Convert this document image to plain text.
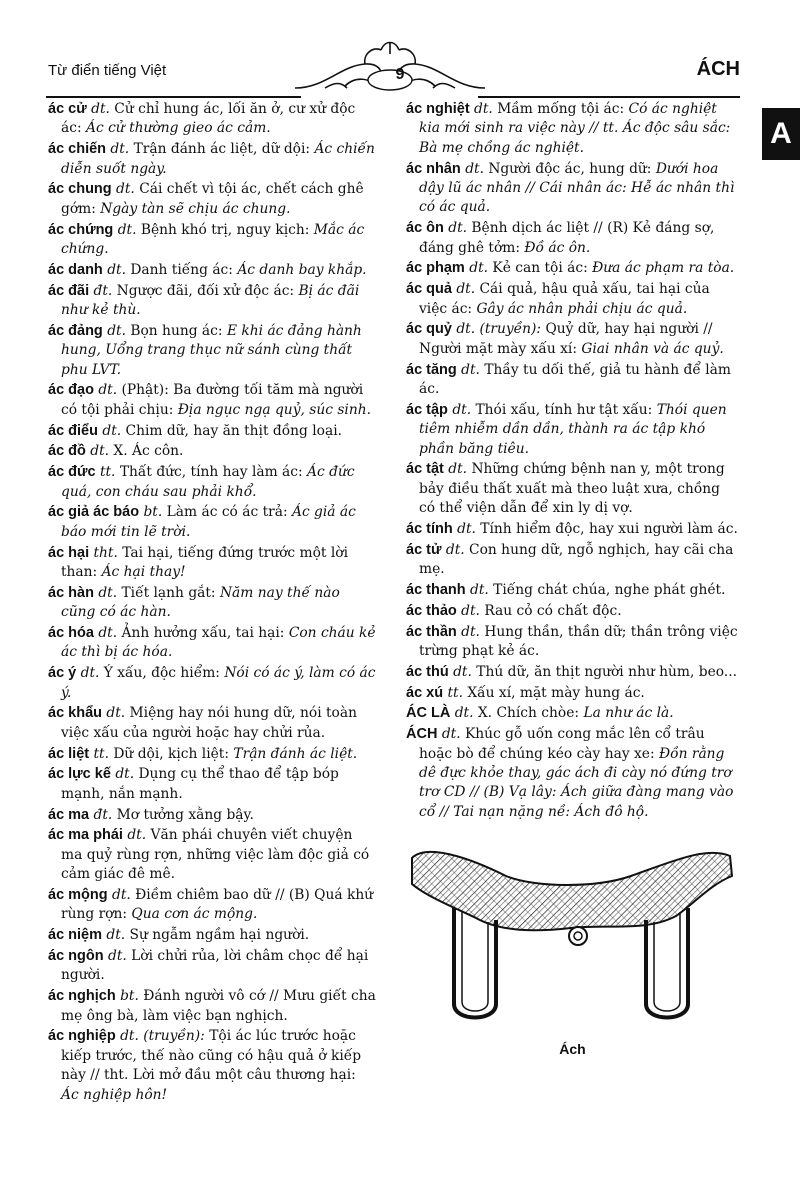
Từ điển tiếng Việt	9	ÁCH
A

ác cử dt. Cử chỉ hung ác, lối ăn ở, cư xử độc ác: Ác cử thường gieo ác cảm.

ác chiến dt. Trận đánh ác liệt, dữ dội: Ác chiến diễn suốt ngày.

ác chung dt. Cái chết vì tội ác, chết cách ghê gớm: Ngày tàn sẽ chịu ác chung.

ác chứng dt. Bệnh khó trị, nguy kịch: Mắc ác chứng.

ác danh dt. Danh tiếng ác: Ác danh bay khắp.

ác đãi đt. Ngược đãi, đối xử độc ác: Bị ác đãi như kẻ thù.

ác đảng dt. Bọn hung ác: E khi ác đảng hành hung, Uổng trang thục nữ sánh cùng thất phu LVT.

ác đạo dt. (Phật): Ba đường tối tăm mà người có tội phải chịu: Địa ngục ngạ quỷ, súc sinh.

ác điểu dt. Chim dữ, hay ăn thịt đồng loại.

ác đồ dt. X. Ác côn.

ác đức tt. Thất đức, tính hay làm ác: Ác đức quá, con cháu sau phải khổ.

ác giả ác báo bt. Làm ác có ác trả: Ác giả ác báo mới tin lẽ trời.

ác hại tht. Tai hại, tiếng đứng trước một lời than: Ác hại thay!

ác hàn dt. Tiết lạnh gắt: Năm nay thế nào cũng có ác hàn.

ác hóa dt. Ảnh hưởng xấu, tai hại: Con cháu kẻ ác thì bị ác hóa.

ác ý dt. Ý xấu, độc hiểm: Nói có ác ý, làm có ác ý.

ác khẩu dt. Miệng hay nói hung dữ, nói toàn việc xấu của người hoặc hay chửi rủa.

ác liệt tt. Dữ dội, kịch liệt: Trận đánh ác liệt.

ác lực kế dt. Dụng cụ thể thao để tập bóp mạnh, nắn mạnh.

ác ma đt. Mơ tưởng xằng bậy.

ác ma phái dt. Văn phái chuyên viết chuyện ma quỷ rùng rợn, những việc làm độc giả có cảm giác đê mê.

ác mộng dt. Điềm chiêm bao dữ // (B) Quá khứ rùng rợn: Qua cơn ác mộng.

ác niệm dt. Sự ngẫm ngầm hại người.

ác ngôn dt. Lời chửi rủa, lời châm chọc để hại người.

ác nghịch bt. Đánh người vô cớ // Mưu giết cha mẹ ông bà, làm việc bạn nghịch.

ác nghiệp dt. (truyền): Tội ác lúc trước hoặc kiếp trước, thế nào cũng có hậu quả ở kiếp này // tht. Lời mở đầu một câu thương hại: Ác nghiệp hôn!

ác nghiệt dt. Mầm mống tội ác: Có ác nghiệt kia mới sinh ra việc này // tt. Ác độc sâu sắc: Bà mẹ chồng ác nghiệt.

ác nhân dt. Người độc ác, hung dữ: Dưới hoa dậy lũ ác nhân // Cái nhân ác: Hễ ác nhân thì có ác quả.

ác ôn dt. Bệnh dịch ác liệt // (R) Kẻ đáng sợ, đáng ghê tởm: Đồ ác ôn.

ác phạm dt. Kẻ can tội ác: Đưa ác phạm ra tòa.

ác quả dt. Cái quả, hậu quả xấu, tai hại của việc ác: Gây ác nhân phải chịu ác quả.

ác quỷ dt. (truyền): Quỷ dữ, hay hại người // Người mặt mày xấu xí: Giai nhân và ác quỷ.

ác tăng dt. Thầy tu dối thế, giả tu hành để làm ác.

ác tập dt. Thói xấu, tính hư tật xấu: Thói quen tiêm nhiễm dần dần, thành ra ác tập khó phần băng tiêu.

ác tật dt. Những chứng bệnh nan y, một trong bảy điều thất xuất mà theo luật xưa, chồng có thể viện dẫn để xin ly dị vợ.

ác tính dt. Tính hiểm độc, hay xui người làm ác.

ác tử dt. Con hung dữ, ngỗ nghịch, hay cãi cha mẹ.

ác thanh dt. Tiếng chát chúa, nghe phát ghét.

ác thảo dt. Rau cỏ có chất độc.

ác thần dt. Hung thần, thần dữ; thần trông việc trừng phạt kẻ ác.

ác thú dt. Thú dữ, ăn thịt người như hùm, beo...

ác xú tt. Xấu xí, mặt mày hung ác.

ÁC LÀ dt. X. Chích chòe: La như ác là.

ÁCH dt. Khúc gỗ uốn cong mắc lên cổ trâu hoặc bò để chúng kéo cày hay xe: Đồn rằng dê đực khỏe thay, gác ách đi cày nó đứng trơ trơ CD // (B) Vạ lây: Ách giữa đàng mang vào cổ // Tai nạn nặng nề: Ách đô hộ.

Ách
